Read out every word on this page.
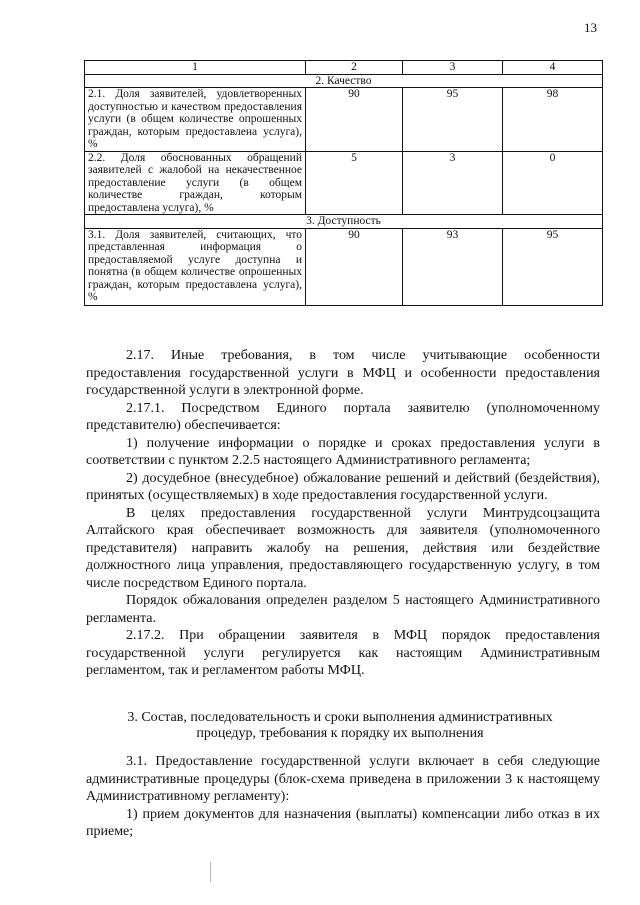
13
1	2	3	4
2. Качество			
2.1. Доля заявителей, удовлетворенных доступностью и качеством предоставления услуги (в общем количестве опрошенных граждан, которым предоставлена услуга), %	90	95	98
2.2. Доля обоснованных обращений заявителей с жалобой на некачественное предоставление услуги (в общем количестве граждан, которым предоставлена услуга), %	5	3	0
3. Доступность			
3.1. Доля заявителей, считающих, что представленная информация о предоставляемой услуге доступна и понятна (в общем количестве опрошенных граждан, которым предоставлена услуга), %	90	93	95

2.17. Иные требования, в том числе учитывающие особенности предоставления государственной услуги в МФЦ и особенности предоставления государственной услуги в электронной форме.

2.17.1. Посредством Единого портала заявителю (уполномоченному представителю) обеспечивается:

1) получение информации о порядке и сроках предоставления услуги в соответствии с пунктом 2.2.5 настоящего Административного регламента;

2) досудебное (внесудебное) обжалование решений и действий (бездействия), принятых (осуществляемых) в ходе предоставления государственной услуги.

В целях предоставления государственной услуги Минтрудсоцзащита Алтайского края обеспечивает возможность для заявителя (уполномоченного представителя) направить жалобу на решения, действия или бездействие должностного лица управления, предоставляющего государственную услугу, в том числе посредством Единого портала.

Порядок обжалования определен разделом 5 настоящего Административного регламента.

2.17.2. При обращении заявителя в МФЦ порядок предоставления государственной услуги регулируется как настоящим Административным регламентом, так и регламентом работы МФЦ.

3. Состав, последовательность и сроки выполнения административных процедур, требования к порядку их выполнения

3.1. Предоставление государственной услуги включает в себя следующие административные процедуры (блок-схема приведена в приложении 3 к настоящему Административному регламенту):

1) прием документов для назначения (выплаты) компенсации либо отказ в их приеме;
